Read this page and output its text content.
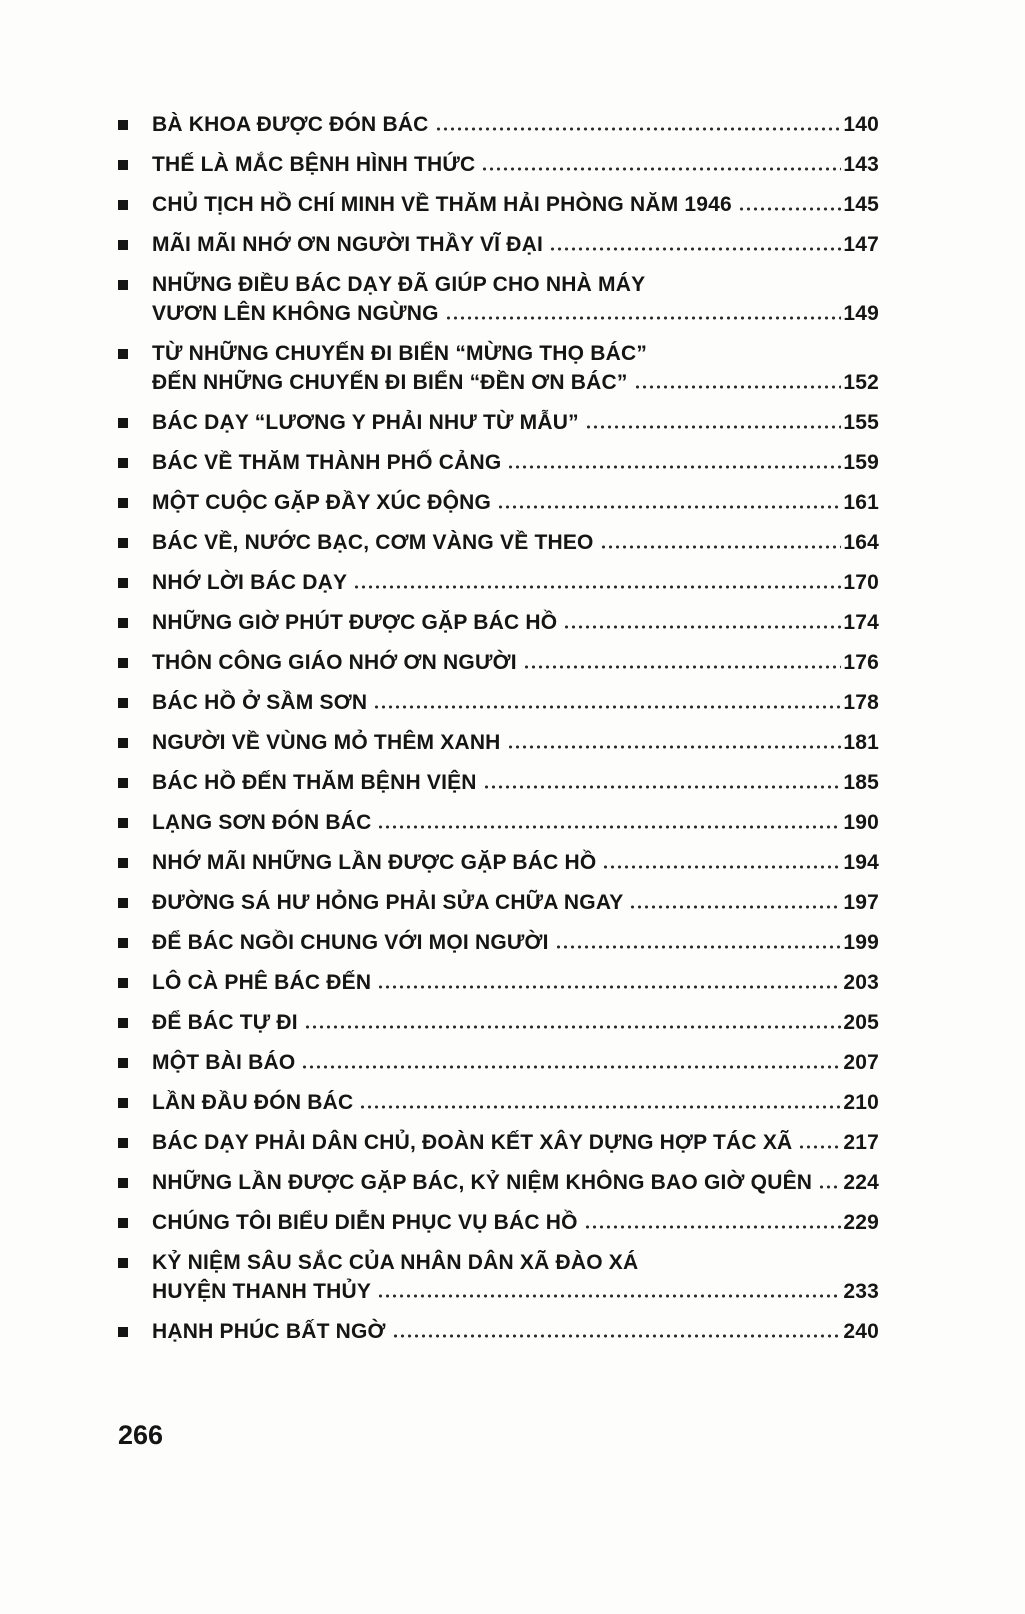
BÀ KHOA ĐƯỢC ĐÓN BÁC	140
THẾ LÀ MẮC BỆNH HÌNH THỨC	143
CHỦ TỊCH HỒ CHÍ MINH VỀ THĂM HẢI PHÒNG NĂM 1946	145
MÃI MÃI NHỚ ƠN NGƯỜI THẦY VĨ ĐẠI	147
NHỮNG ĐIỀU BÁC DẠY ĐÃ GIÚP CHO NHÀ MÁY
VƯƠN LÊN KHÔNG NGỪNG	149
TỪ NHỮNG CHUYẾN ĐI BIỂN “MỪNG THỌ BÁC”
ĐẾN NHỮNG CHUYẾN ĐI BIỂN “ĐỀN ƠN BÁC”	152
BÁC DẠY “LƯƠNG Y PHẢI NHƯ TỪ MẪU”	155
BÁC VỀ THĂM THÀNH PHỐ CẢNG	159
MỘT CUỘC GẶP ĐẦY XÚC ĐỘNG	161
BÁC VỀ, NƯỚC BẠC, CƠM VÀNG VỀ THEO	164
NHỚ LỜI BÁC DẠY	170
NHỮNG GIỜ PHÚT ĐƯỢC GẶP BÁC HỒ	174
THÔN CÔNG GIÁO NHỚ ƠN NGƯỜI	176
BÁC HỒ Ở SẦM SƠN	178
NGƯỜI VỀ VÙNG MỎ THÊM XANH	181
BÁC HỒ ĐẾN THĂM BỆNH VIỆN	185
LẠNG SƠN ĐÓN BÁC	190
NHỚ MÃI NHỮNG LẦN ĐƯỢC GẶP BÁC HỒ	194
ĐƯỜNG SÁ HƯ HỎNG PHẢI SỬA CHỮA NGAY	197
ĐỂ BÁC NGỒI CHUNG VỚI MỌI NGƯỜI	199
LÔ CÀ PHÊ BÁC ĐẾN	203
ĐỂ BÁC TỰ ĐI	205
MỘT BÀI BÁO	207
LẦN ĐẦU ĐÓN BÁC	210
BÁC DẠY PHẢI DÂN CHỦ, ĐOÀN KẾT XÂY DỰNG HỢP TÁC XÃ 217
NHỮNG LẦN ĐƯỢC GẶP BÁC, KỶ NIỆM KHÔNG BAO GIỜ QUÊN 224
CHÚNG TÔI BIỂU DIỄN PHỤC VỤ BÁC HỒ	229
KỶ NIỆM SÂU SẮC CỦA NHÂN DÂN XÃ ĐÀO XÁ
HUYỆN THANH THỦY	233
HẠNH PHÚC BẤT NGỜ	240
266
